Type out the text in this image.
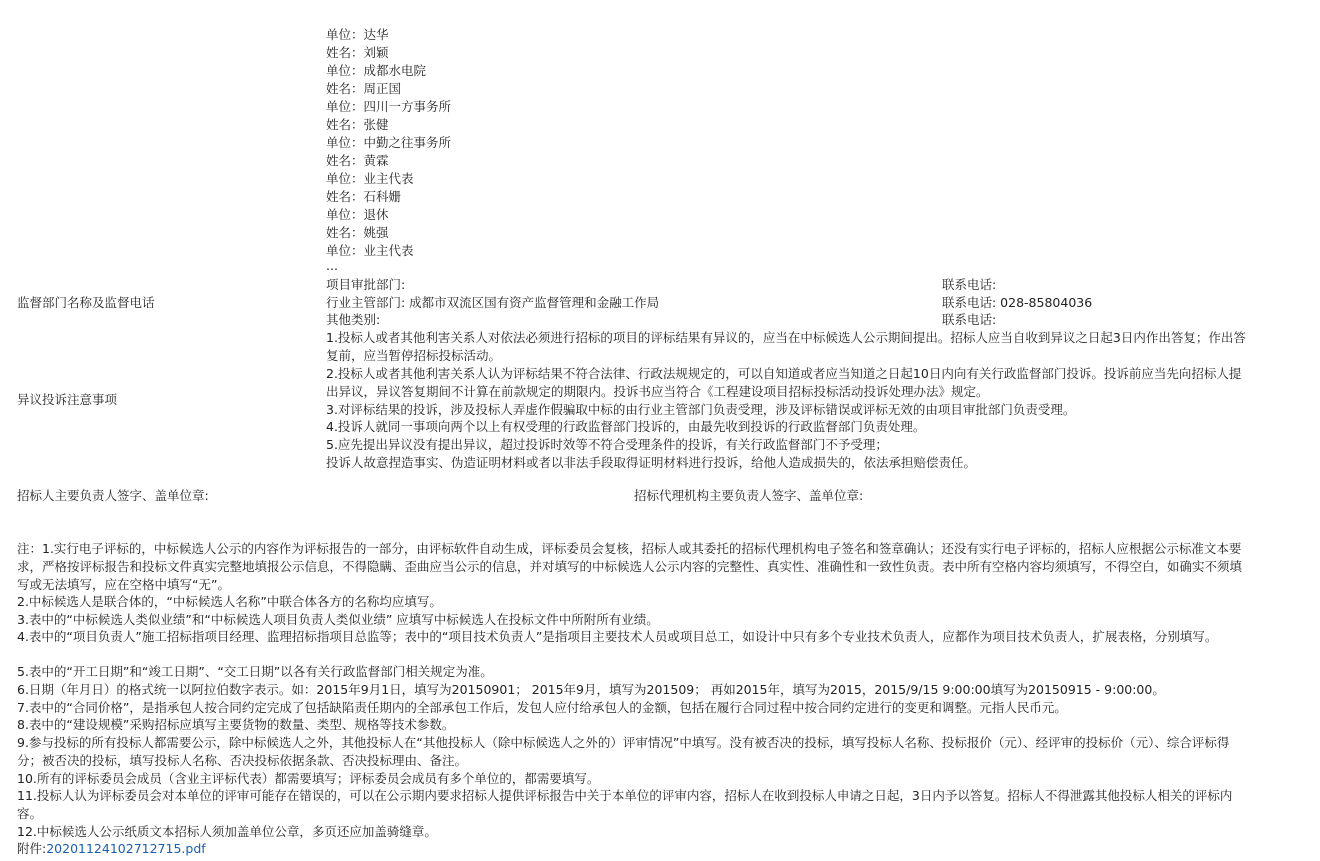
单位：达华
姓名：刘颖
单位：成都水电院
姓名：周正国
单位：四川一方事务所
姓名：张健
单位：中勤之往事务所
姓名：黄霖
单位：业主代表
姓名：石科姗
单位：退休
姓名：姚强
单位：业主代表
...
监督部门名称及监督电话
项目审批部门:	联系电话:
行业主管部门: 成都市双流区国有资产监督管理和金融工作局	联系电话: 028-85804036
其他类别:	联系电话:
异议投诉注意事项
1.投标人或者其他利害关系人对依法必须进行招标的项目的评标结果有异议的，应当在中标候选人公示期间提出。招标人应当自收到异议之日起3日内作出答复；作出答复前，应当暂停招标投标活动。
2.投标人或者其他利害关系人认为评标结果不符合法律、行政法规规定的，可以自知道或者应当知道之日起10日内向有关行政监督部门投诉。投诉前应当先向招标人提出异议，异议答复期间不计算在前款规定的期限内。投诉书应当符合《工程建设项目招标投标活动投诉处理办法》规定。
3.对评标结果的投诉，涉及投标人弄虚作假骗取中标的由行业主管部门负责受理，涉及评标错误或评标无效的由项目审批部门负责受理。
4.投诉人就同一事项向两个以上有权受理的行政监督部门投诉的，由最先收到投诉的行政监督部门负责处理。
5.应先提出异议没有提出异议，超过投诉时效等不符合受理条件的投诉，有关行政监督部门不予受理；
投诉人故意捏造事实、伪造证明材料或者以非法手段取得证明材料进行投诉，给他人造成损失的，依法承担赔偿责任。
招标人主要负责人签字、盖单位章:	招标代理机构主要负责人签字、盖单位章:
注：1.实行电子评标的，中标候选人公示的内容作为评标报告的一部分，由评标软件自动生成，评标委员会复核，招标人或其委托的招标代理机构电子签名和签章确认；还没有实行电子评标的，招标人应根据公示标准文本要求，严格按评标报告和投标文件真实完整地填报公示信息，不得隐瞒、歪曲应当公示的信息，并对填写的中标候选人公示内容的完整性、真实性、准确性和一致性负责。表中所有空格内容均须填写，不得空白，如确实不须填写或无法填写，应在空格中填写“无”。
2.中标候选人是联合体的，“中标候选人名称”中联合体各方的名称均应填写。
3.表中的“中标候选人类似业绩”和“中标候选人项目负责人类似业绩” 应填写中标候选人在投标文件中所附所有业绩。
4.表中的“项目负责人”施工招标指项目经理、监理招标指项目总监等；表中的“项目技术负责人”是指项目主要技术人员或项目总工，如设计中只有多个专业技术负责人，应都作为项目技术负责人，扩展表格，分别填写。
5.表中的“开工日期”和“竣工日期”、“交工日期”以各有关行政监督部门相关规定为准。
6.日期（年月日）的格式统一以阿拉伯数字表示。如：2015年9月1日，填写为20150901； 2015年9月，填写为201509； 再如2015年，填写为2015，2015/9/15 9:00:00填写为20150915 - 9:00:00。
7.表中的“合同价格”，是指承包人按合同约定完成了包括缺陷责任期内的全部承包工作后，发包人应付给承包人的金额，包括在履行合同过程中按合同约定进行的变更和调整。元指人民币元。
8.表中的“建设规模”采购招标应填写主要货物的数量、类型、规格等技术参数。
9.参与投标的所有投标人都需要公示，除中标候选人之外，其他投标人在“其他投标人（除中标候选人之外的）评审情况”中填写。没有被否决的投标，填写投标人名称、投标报价（元）、经评审的投标价（元）、综合评标得分；被否决的投标，填写投标人名称、否决投标依据条款、否决投标理由、备注。
10.所有的评标委员会成员（含业主评标代表）都需要填写；评标委员会成员有多个单位的，都需要填写。
11.投标人认为评标委员会对本单位的评审可能存在错误的，可以在公示期内要求招标人提供评标报告中关于本单位的评审内容，招标人在收到投标人申请之日起，3日内予以答复。招标人不得泄露其他投标人相关的评标内容。
12.中标候选人公示纸质文本招标人须加盖单位公章，多页还应加盖骑缝章。
附件:20201124102712715.pdf
